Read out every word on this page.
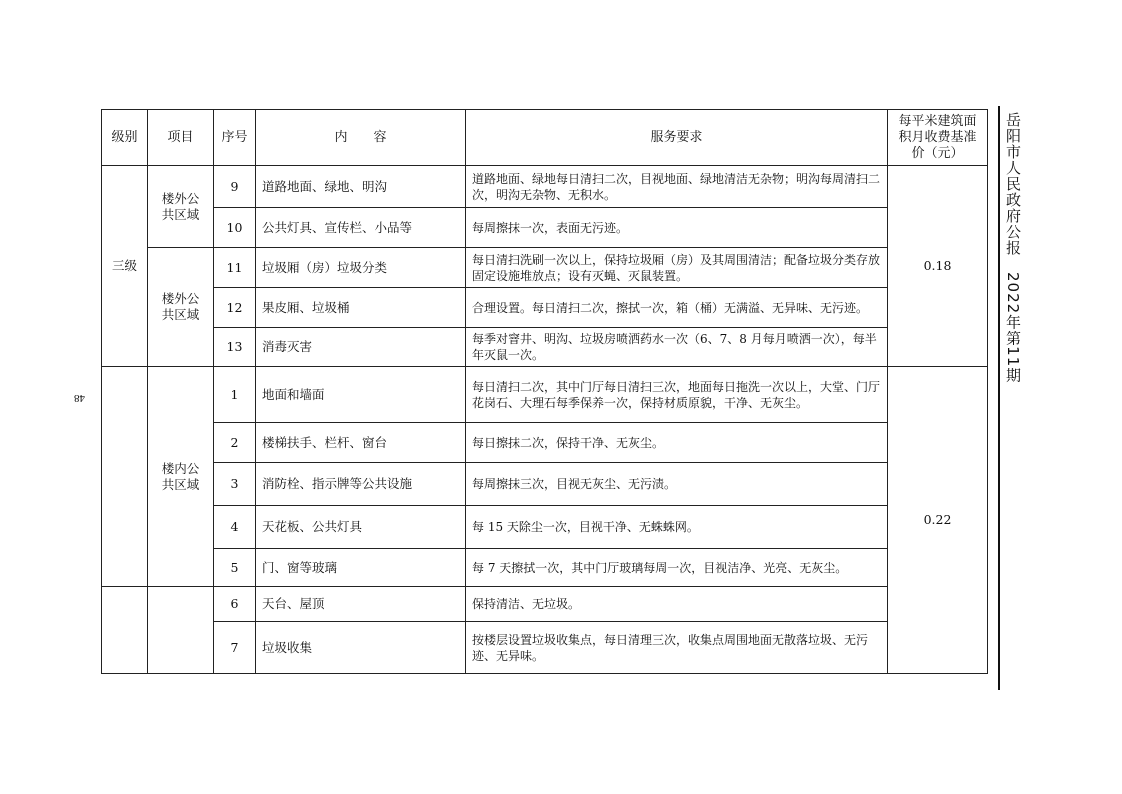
48
岳阳市人民政府公报　2022年第11期
级别	项目	序号	内　　容	服务要求	每平米建筑面积月收费基准价（元）
三级	楼外公共区域	9	道路地面、绿地、明沟	道路地面、绿地每日清扫二次，目视地面、绿地清洁无杂物；明沟每周清扫二次，明沟无杂物、无积水。	0.18
		10	公共灯具、宣传栏、小品等	每周擦抹一次，表面无污迹。	
	楼外公共区域	11	垃圾厢（房）垃圾分类	每日清扫洗刷一次以上，保持垃圾厢（房）及其周围清洁；配备垃圾分类存放固定设施堆放点；设有灭蝇、灭鼠装置。	
		12	果皮厢、垃圾桶	合理设置。每日清扫二次，擦拭一次，箱（桶）无满溢、无异味、无污迹。	
		13	消毒灭害	每季对窨井、明沟、垃圾房喷洒药水一次（6、7、8 月每月喷洒一次），每半年灭鼠一次。	
	楼内公共区域	1	地面和墙面	每日清扫二次，其中门厅每日清扫三次，地面每日拖洗一次以上，大堂、门厅花岗石、大理石每季保养一次，保持材质原貌，干净、无灰尘。	0.22
		2	楼梯扶手、栏杆、窗台	每日擦抹二次，保持干净、无灰尘。	
		3	消防栓、指示牌等公共设施	每周擦抹三次，目视无灰尘、无污渍。	
		4	天花板、公共灯具	每 15 天除尘一次，目视干净、无蛛蛛网。	
		5	门、窗等玻璃	每 7 天擦拭一次，其中门厅玻璃每周一次，目视洁净、光亮、无灰尘。	
		6	天台、屋顶	保持清洁、无垃圾。	
		7	垃圾收集	按楼层设置垃圾收集点，每日清理三次，收集点周围地面无散落垃圾、无污迹、无异味。	
